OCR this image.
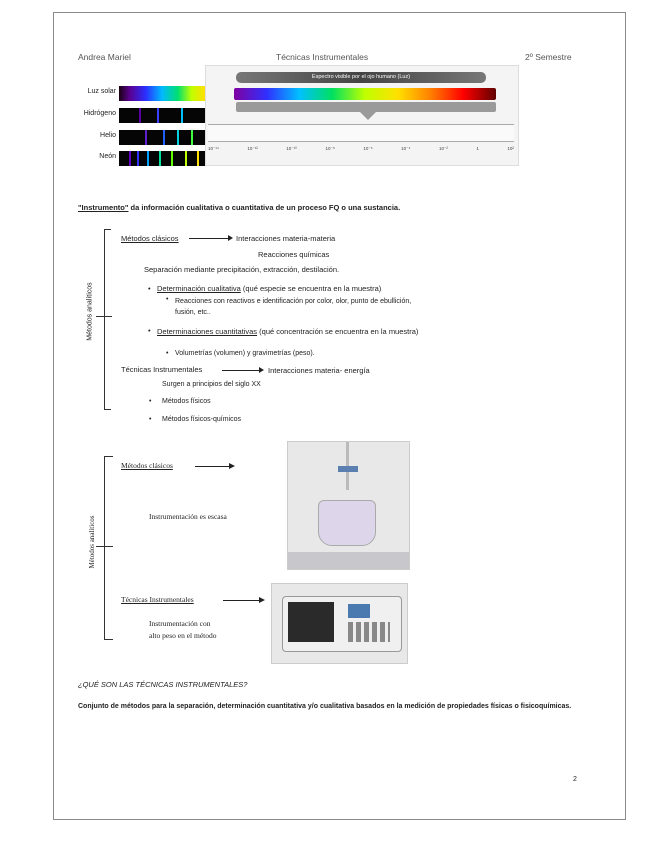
Andrea Mariel	Técnicas Instrumentales	2º Semestre
Luz solar
Hidrógeno
Helio
Neón
Espectro visible por el ojo humano (Luz)
10⁻¹⁴	10⁻¹²	10⁻¹⁰	10⁻⁸	10⁻⁶	10⁻⁴	10⁻²	1	10²
"Instrumento" da información cualitativa o cuantitativa de un proceso FQ o una sustancia.
Métodos analíticos
Métodos clásicos	Interacciones materia-materia
Reacciones químicas
Separación mediante precipitación, extracción, destilación.
• Determinación cualitativa (qué especie se encuentra en la muestra)
• Reacciones con reactivos e identificación por color, olor, punto de ebullición, fusión, etc..
• Determinaciones cuantitativas (qué concentración se encuentra en la muestra)
• Volumetrías (volumen) y gravimetrías (peso).
Técnicas Instrumentales	Interacciones materia- energía
Surgen a principios del siglo XX
• Métodos físicos
• Métodos físicos-químicos
Métodos analíticos
Métodos clásicos
Instrumentación es escasa
Técnicas Instrumentales
Instrumentación con
alto peso en el método
¿QUÉ SON LAS TÉCNICAS INSTRUMENTALES?
Conjunto de métodos para la separación, determinación cuantitativa y/o cualitativa basados en la medición de propiedades físicas o fisicoquímicas.
2
